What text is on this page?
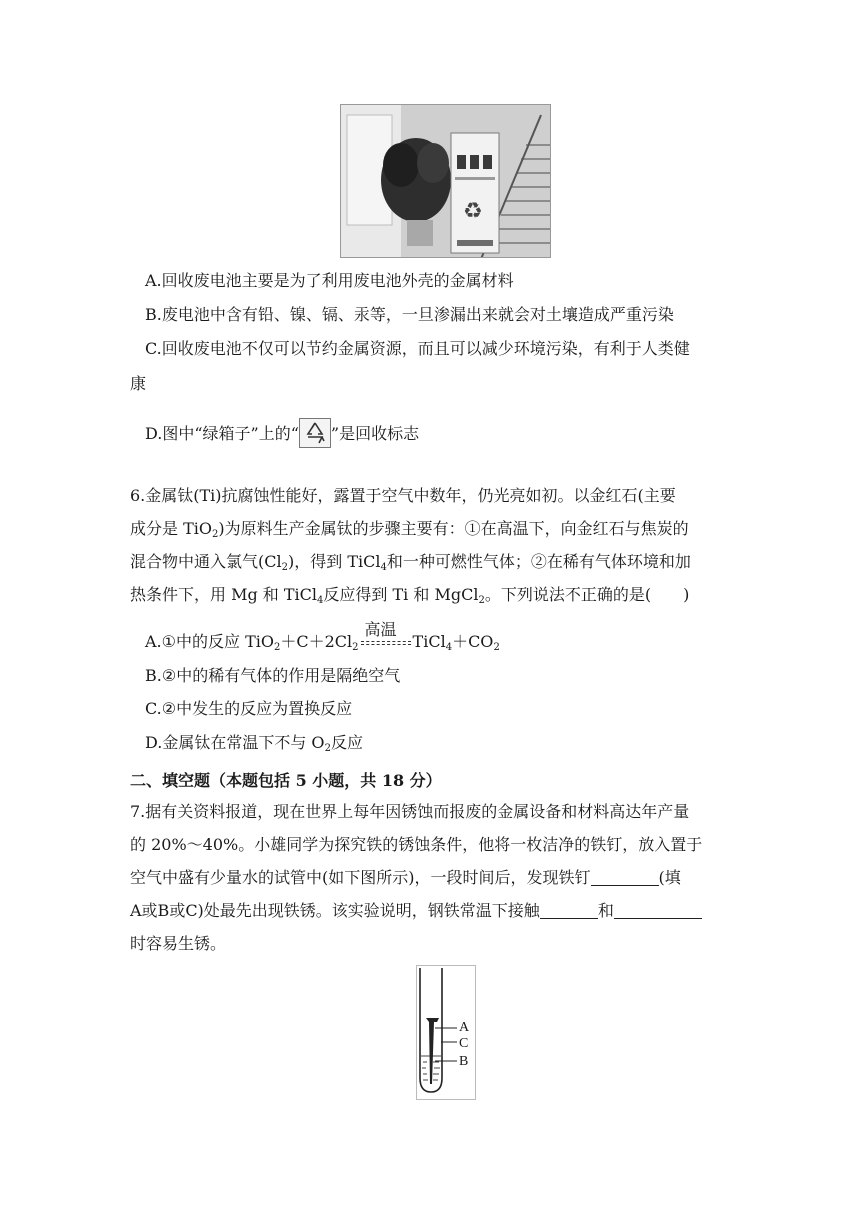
♻
A.回收废电池主要是为了利用废电池外壳的金属材料
B.废电池中含有铅、镍、镉、汞等，一旦渗漏出来就会对土壤造成严重污染
C.回收废电池不仅可以节约金属资源，而且可以减少环境污染，有利于人类健
康
D.图中“绿箱子”上的“ ”是回收标志
6.金属钛(Ti)抗腐蚀性能好，露置于空气中数年，仍光亮如初。以金红石(主要
成分是 TiO$_2$)为原料生产金属钛的步骤主要有：①在高温下，向金红石与焦炭的
混合物中通入氯气$(Cl_2)$，得到 TiCl$_4$和一种可燃性气体；②在稀有气体环境和加
热条件下，用 Mg 和 TiCl$_4$反应得到 Ti 和 MgCl$_2$。下列说法不正确的是(　　)
A.①中的反应 $TiO_2+C+2Cl_2$
高温
$TiCl_4+CO_2$
B.②中的稀有气体的作用是隔绝空气
C.②中发生的反应为置换反应
D.金属钛在常温下不与 $O_2$反应
二、填空题（本题包括 5 小题，共 18 分）
7.据有关资料报道，现在世界上每年因锈蚀而报废的金属设备和材料高达年产量
的 20%～40%。小雄同学为探究铁的锈蚀条件，他将一枚洁净的铁钉，放入置于
空气中盛有少量水的试管中(如下图所示)，一段时间后，发现铁钉	(填
A或B或C)处最先出现铁锈。该实验说明，钢铁常温下接触	和
时容易生锈。
A
C
B
